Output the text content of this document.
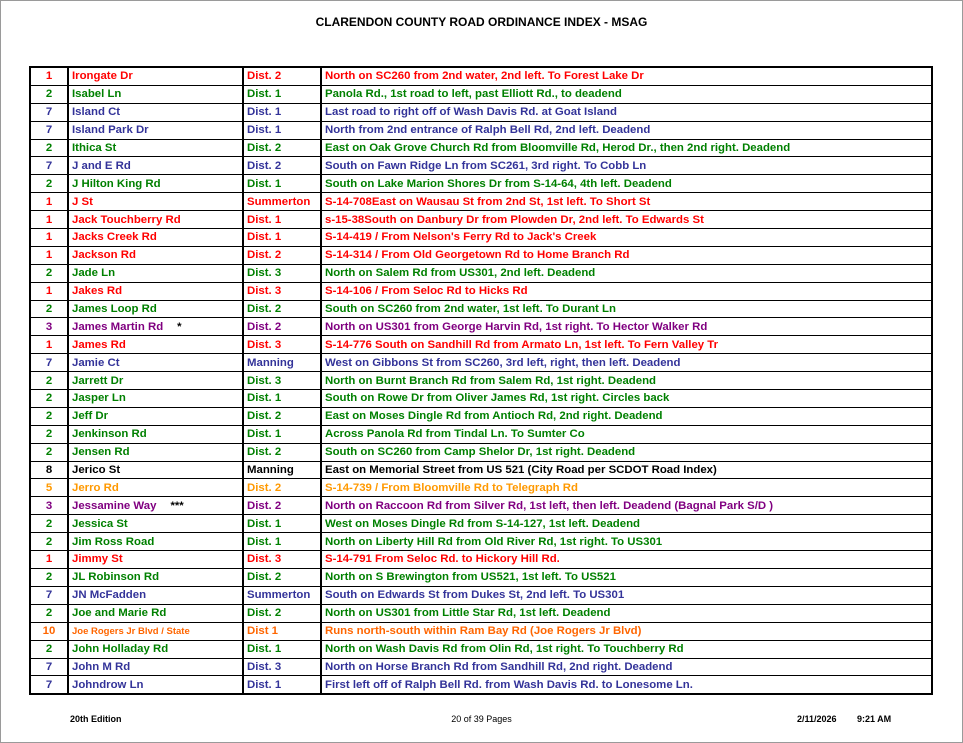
CLARENDON COUNTY ROAD ORDINANCE INDEX - MSAG
1	Irongate Dr	Dist. 2	North on SC260 from 2nd water, 2nd left. To Forest Lake Dr
2	Isabel Ln	Dist. 1	Panola Rd., 1st road to left, past Elliott Rd., to deadend
7	Island Ct	Dist. 1	Last road to right off of Wash Davis Rd. at Goat Island
7	Island Park Dr	Dist. 1	North from 2nd entrance of Ralph Bell Rd, 2nd left. Deadend
2	Ithica St	Dist. 2	East on Oak Grove Church Rd from Bloomville Rd, Herod Dr., then 2nd right. Deadend
7	J and E Rd	Dist. 2	South on Fawn Ridge Ln from SC261, 3rd right. To Cobb Ln
2	J Hilton King Rd	Dist. 1	South on Lake Marion Shores Dr from S-14-64, 4th left. Deadend
1	J St	Summerton	S-14-708East on Wausau St from 2nd St, 1st left. To Short St
1	Jack Touchberry Rd	Dist. 1	s-15-38South on Danbury Dr from Plowden Dr, 2nd left. To Edwards St
1	Jacks Creek Rd	Dist. 1	S-14-419 / From Nelson's Ferry Rd to Jack's Creek
1	Jackson Rd	Dist. 2	S-14-314 / From Old Georgetown Rd to Home Branch Rd
2	Jade Ln	Dist. 3	North on Salem Rd from US301, 2nd left. Deadend
1	Jakes Rd	Dist. 3	S-14-106 / From Seloc Rd to Hicks Rd
2	James Loop Rd	Dist. 2	South on SC260 from 2nd water, 1st left. To Durant Ln
3	James Martin Rd *	Dist. 2	North on US301 from George Harvin Rd, 1st right. To Hector Walker Rd
1	James Rd	Dist. 3	S-14-776 South on Sandhill Rd from Armato Ln, 1st left. To Fern Valley Tr
7	Jamie Ct	Manning	West on Gibbons St from SC260, 3rd left, right, then left. Deadend
2	Jarrett Dr	Dist. 3	North on Burnt Branch Rd from Salem Rd, 1st right. Deadend
2	Jasper Ln	Dist. 1	South on Rowe Dr from Oliver James Rd, 1st right. Circles back
2	Jeff Dr	Dist. 2	East on Moses Dingle Rd from Antioch Rd, 2nd right. Deadend
2	Jenkinson Rd	Dist. 1	Across Panola Rd from Tindal Ln. To Sumter Co
2	Jensen Rd	Dist. 2	South on SC260 from Camp Shelor Dr, 1st right. Deadend
8	Jerico St	Manning	East on Memorial Street from US 521 (City Road per SCDOT Road Index)
5	Jerro Rd	Dist. 2	S-14-739 / From Bloomville Rd to Telegraph Rd
3	Jessamine Way ***	Dist. 2	North on Raccoon Rd from Silver Rd, 1st left, then left. Deadend (Bagnal Park S/D )
2	Jessica St	Dist. 1	West on Moses Dingle Rd from S-14-127, 1st left. Deadend
2	Jim Ross Road	Dist. 1	North on Liberty Hill Rd from Old River Rd, 1st right. To US301
1	Jimmy St	Dist. 3	S-14-791 From Seloc Rd. to Hickory Hill Rd.
2	JL Robinson Rd	Dist. 2	North on S Brewington from US521, 1st left. To US521
7	JN McFadden	Summerton	South on Edwards St from Dukes St, 2nd left. To US301
2	Joe and Marie Rd	Dist. 2	North on US301 from Little Star Rd, 1st left. Deadend
10	Joe Rogers Jr Blvd / State	Dist 1	Runs north-south within Ram Bay Rd (Joe Rogers Jr Blvd)
2	John Holladay Rd	Dist. 1	North on Wash Davis Rd from Olin Rd, 1st right. To Touchberry Rd
7	John M Rd	Dist. 3	North on Horse Branch Rd from Sandhill Rd, 2nd right. Deadend
7	Johndrow Ln	Dist. 1	First left off of Ralph Bell Rd. from Wash Davis Rd. to Lonesome Ln.
20th Edition	20 of 39 Pages	2/11/2026 9:21 AM
